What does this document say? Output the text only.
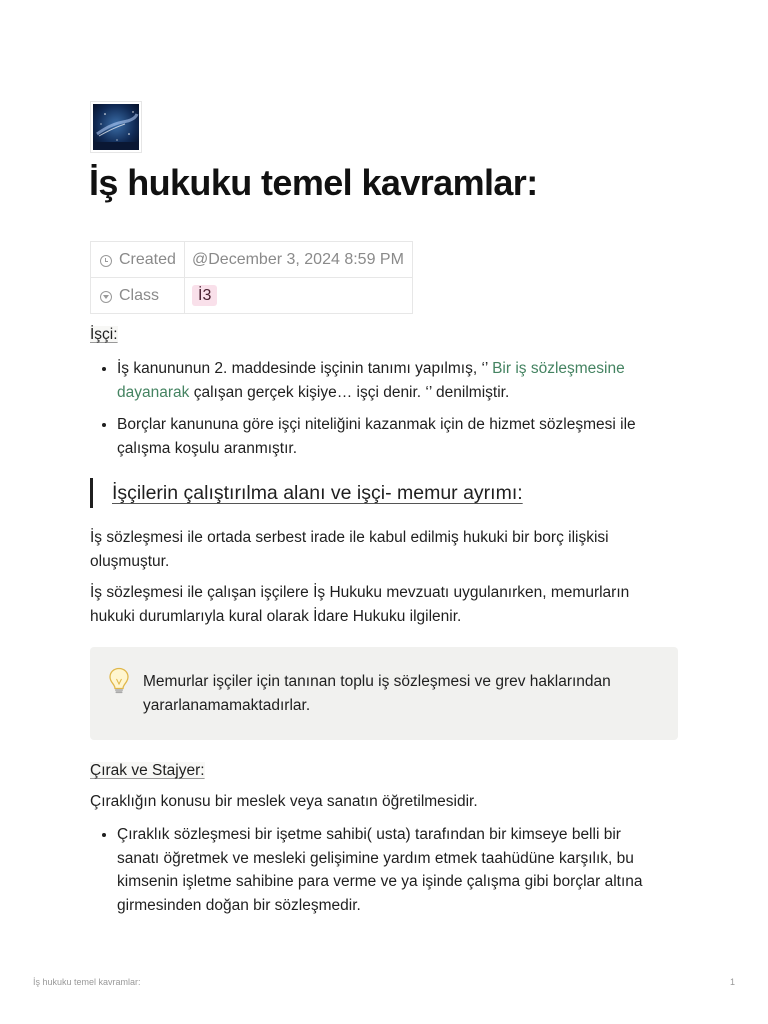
İş hukuku temel kavramlar:
Created	@December 3, 2024 8:59 PM
Class	İ3

İşçi:

• İş kanununun 2. maddesinde işçinin tanımı yapılmış, ‘’ Bir iş sözleşmesine dayanarak çalışan gerçek kişiye… işçi denir. ‘’ denilmiştir.
• Borçlar kanununa göre işçi niteliğini kazanmak için de hizmet sözleşmesi ile çalışma koşulu aranmıştır.
İşçilerin çalıştırılma alanı ve işçi- memur ayrımı:

İş sözleşmesi ile ortada serbest irade ile kabul edilmiş hukuki bir borç ilişkisi oluşmuştur.

İş sözleşmesi ile çalışan işçilere İş Hukuku mevzuatı uygulanırken, memurların hukuki durumlarıyla kural olarak İdare Hukuku ilgilenir.

Memurlar işçiler için tanınan toplu iş sözleşmesi ve grev haklarından yararlanamamaktadırlar.

Çırak ve Stajyer:

Çıraklığın konusu bir meslek veya sanatın öğretilmesidir.

• Çıraklık sözleşmesi bir işetme sahibi( usta) tarafından bir kimseye belli bir sanatı öğretmek ve mesleki gelişimine yardım etmek taahüdüne karşılık, bu kimsenin işletme sahibine para verme ve ya işinde çalışma gibi borçlar altına girmesinden doğan bir sözleşmedir.
İş hukuku temel kavramlar:	1
